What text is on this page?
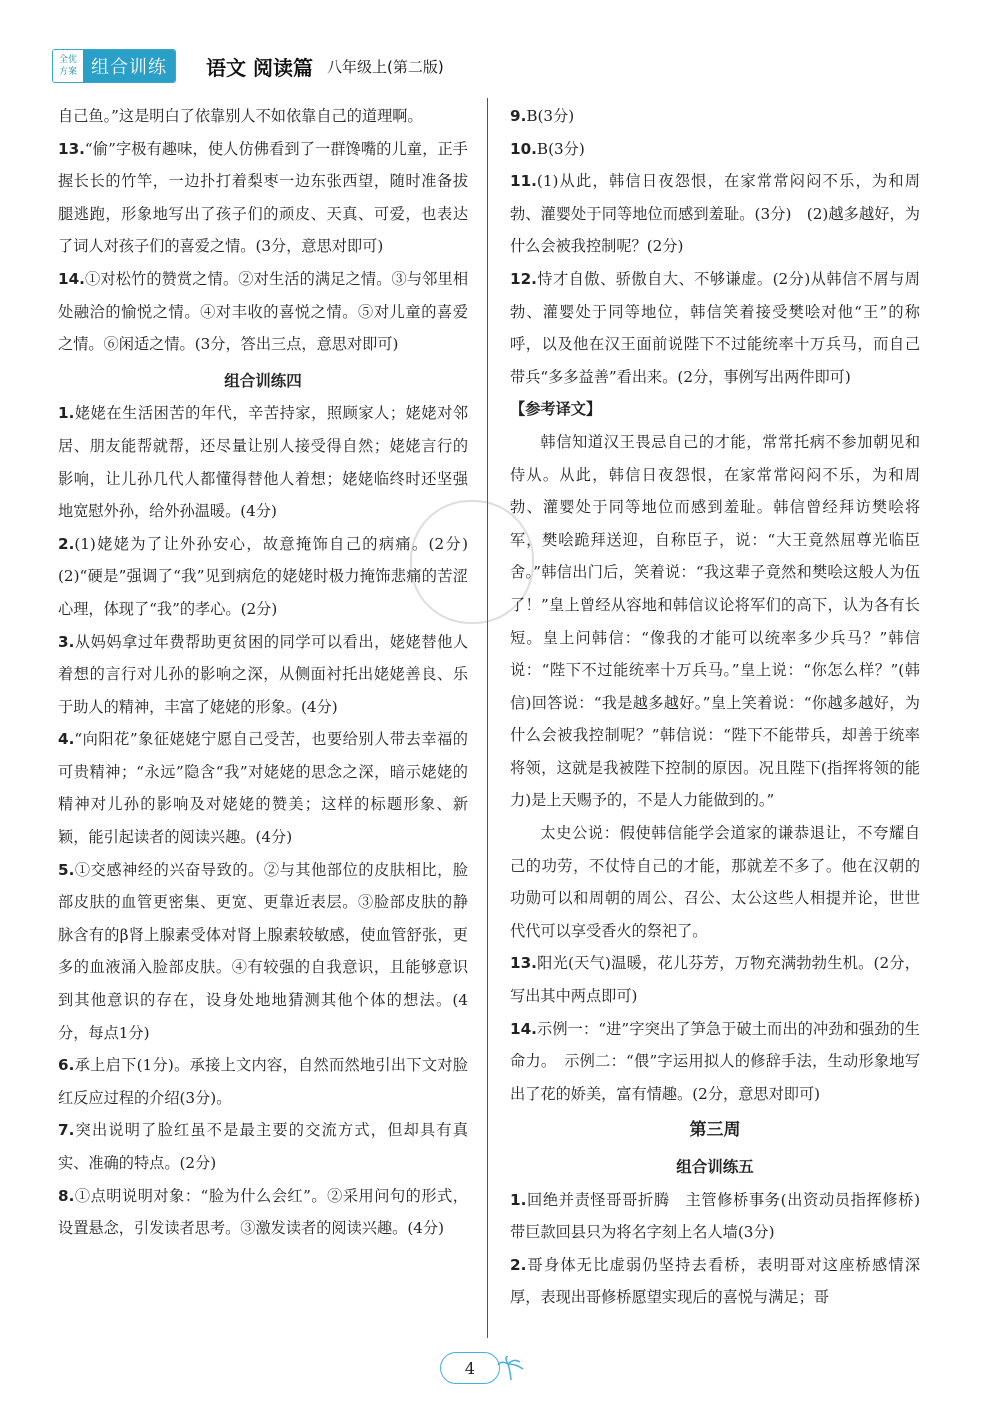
全优
方案 组合训练	语文 阅读篇 八年级上(第二版)

自己鱼。”这是明白了依靠别人不如依靠自己的道理啊。

13.“偷”字极有趣味，使人仿佛看到了一群馋嘴的儿童，正手握长长的竹竿，一边扑打着梨枣一边东张西望，随时准备拔腿逃跑，形象地写出了孩子们的顽皮、天真、可爱，也表达了词人对孩子们的喜爱之情。(3分，意思对即可)

14.①对松竹的赞赏之情。②对生活的满足之情。③与邻里相处融洽的愉悦之情。④对丰收的喜悦之情。⑤对儿童的喜爱之情。⑥闲适之情。(3分，答出三点，意思对即可)

组合训练四

1.姥姥在生活困苦的年代，辛苦持家，照顾家人；姥姥对邻居、朋友能帮就帮，还尽量让别人接受得自然；姥姥言行的影响，让儿孙几代人都懂得替他人着想；姥姥临终时还坚强地宽慰外孙，给外孙温暖。(4分)

2.(1)姥姥为了让外孙安心，故意掩饰自己的病痛。(2分)　(2)“硬是”强调了“我”见到病危的姥姥时极力掩饰悲痛的苦涩心理，体现了“我”的孝心。(2分)

3.从妈妈拿过年费帮助更贫困的同学可以看出，姥姥替他人着想的言行对儿孙的影响之深，从侧面衬托出姥姥善良、乐于助人的精神，丰富了姥姥的形象。(4分)

4.“向阳花”象征姥姥宁愿自己受苦，也要给别人带去幸福的可贵精神；“永远”隐含“我”对姥姥的思念之深，暗示姥姥的精神对儿孙的影响及对姥姥的赞美；这样的标题形象、新颖，能引起读者的阅读兴趣。(4分)

5.①交感神经的兴奋导致的。②与其他部位的皮肤相比，脸部皮肤的血管更密集、更宽、更靠近表层。③脸部皮肤的静脉含有的β肾上腺素受体对肾上腺素较敏感，使血管舒张，更多的血液涌入脸部皮肤。④有较强的自我意识，且能够意识到其他意识的存在，设身处地地猜测其他个体的想法。(4分，每点1分)

6.承上启下(1分)。承接上文内容，自然而然地引出下文对脸红反应过程的介绍(3分)。

7.突出说明了脸红虽不是最主要的交流方式，但却具有真实、准确的特点。(2分)

8.①点明说明对象：“脸为什么会红”。②采用问句的形式，设置悬念，引发读者思考。③激发读者的阅读兴趣。(4分)

9.B(3分)

10.B(3分)

11.(1)从此，韩信日夜怨恨，在家常常闷闷不乐，为和周勃、灌婴处于同等地位而感到羞耻。(3分)　(2)越多越好，为什么会被我控制呢？(2分)

12.恃才自傲、骄傲自大、不够谦虚。(2分)从韩信不屑与周勃、灌婴处于同等地位，韩信笑着接受樊哙对他“王”的称呼，以及他在汉王面前说陛下不过能统率十万兵马，而自己带兵“多多益善”看出来。(2分，事例写出两件即可)

【参考译文】

韩信知道汉王畏忌自己的才能，常常托病不参加朝见和侍从。从此，韩信日夜怨恨，在家常常闷闷不乐，为和周勃、灌婴处于同等地位而感到羞耻。韩信曾经拜访樊哙将军，樊哙跪拜送迎，自称臣子，说：“大王竟然屈尊光临臣舍。”韩信出门后，笑着说：“我这辈子竟然和樊哙这般人为伍了！”皇上曾经从容地和韩信议论将军们的高下，认为各有长短。皇上问韩信：“像我的才能可以统率多少兵马？”韩信说：“陛下不过能统率十万兵马。”皇上说：“你怎么样？”(韩信)回答说：“我是越多越好。”皇上笑着说：“你越多越好，为什么会被我控制呢？”韩信说：“陛下不能带兵，却善于统率将领，这就是我被陛下控制的原因。况且陛下(指挥将领的能力)是上天赐予的，不是人力能做到的。”

太史公说：假使韩信能学会道家的谦恭退让，不夸耀自己的功劳，不仗恃自己的才能，那就差不多了。他在汉朝的功勋可以和周朝的周公、召公、太公这些人相提并论，世世代代可以享受香火的祭祀了。

13.阳光(天气)温暖，花儿芬芳，万物充满勃勃生机。(2分，写出其中两点即可)

14.示例一：“进”字突出了笋急于破土而出的冲劲和强劲的生命力。　示例二：“偎”字运用拟人的修辞手法，生动形象地写出了花的娇美，富有情趣。(2分，意思对即可)

第三周

组合训练五

1.回绝并责怪哥哥折腾　主管修桥事务(出资动员指挥修桥)　带巨款回县只为将名字刻上名人墙(3分)

2.哥身体无比虚弱仍坚持去看桥，表明哥对这座桥感情深厚，表现出哥修桥愿望实现后的喜悦与满足；哥

4
